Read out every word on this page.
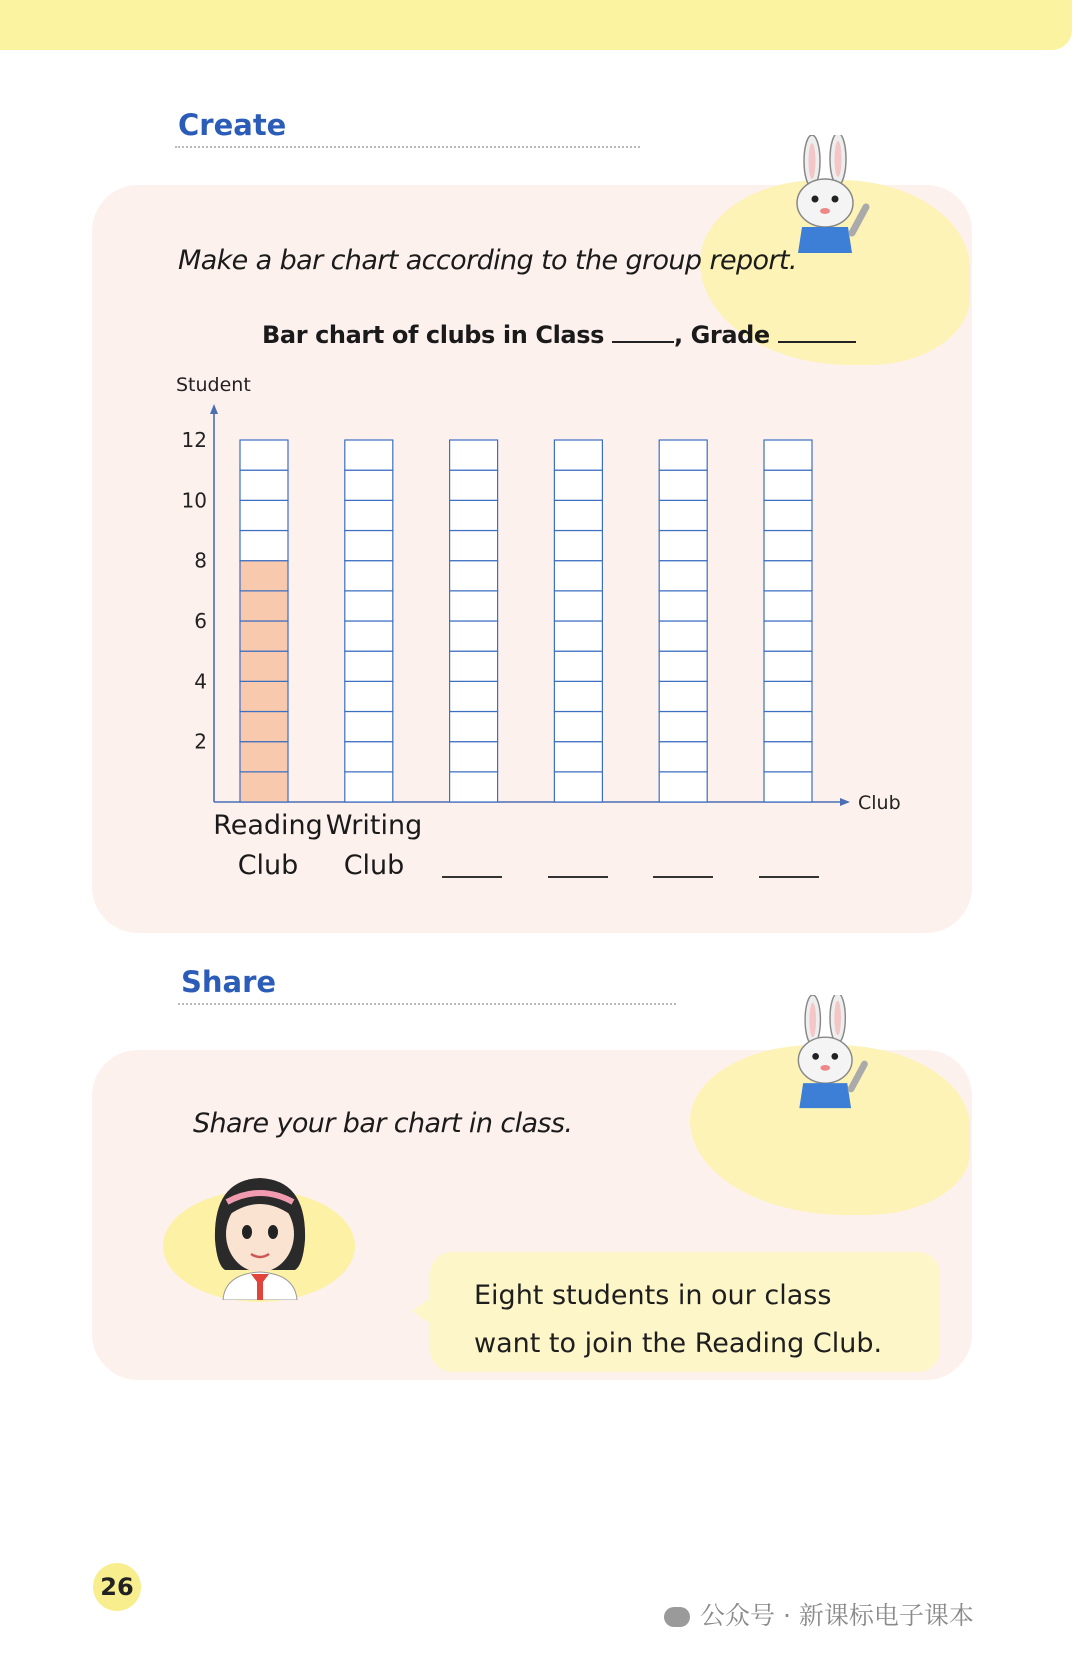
Create
Make a bar chart according to the group report.
Bar chart of clubs in Class	, Grade
Student
Club
2
4
6
8
10
12
Reading
Club
Writing
Club
Share
Share your bar chart in class.
Eight students in our class
want to join the Reading Club.
26
公众号 · 新课标电子课本
